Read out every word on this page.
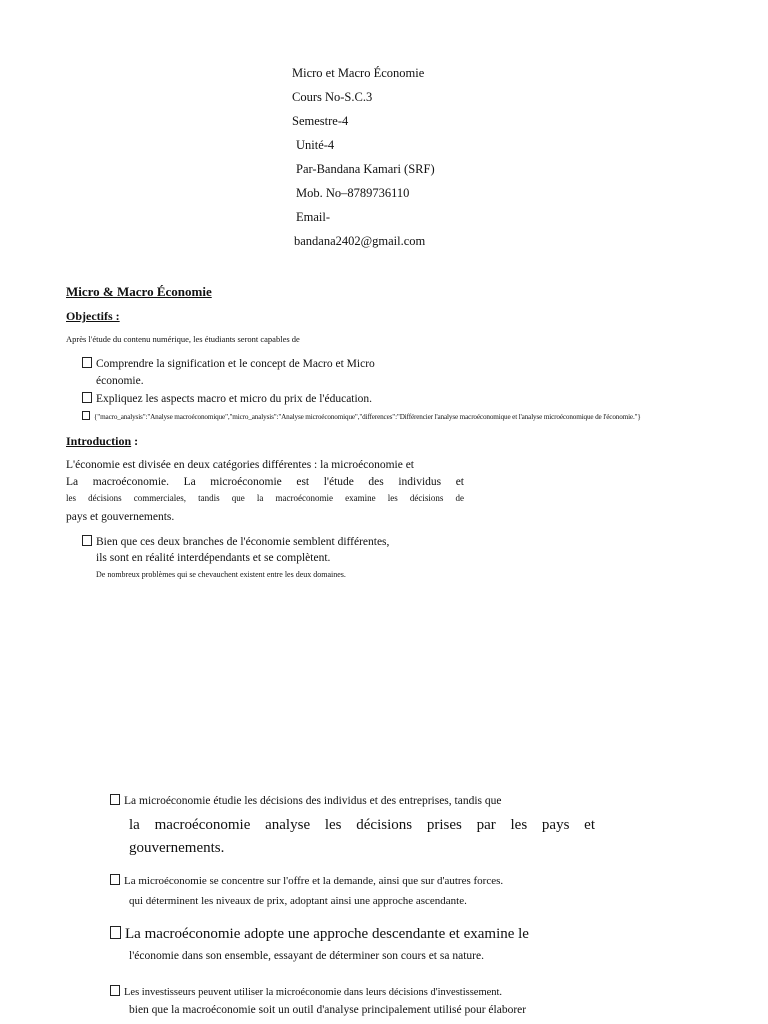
Micro et Macro Économie
Cours No-S.C.3
Semestre-4
Unité-4
Par-Bandana Kamari (SRF)
Mob. No–8789736110
Email-
bandana2402@gmail.com
Micro & Macro Économie
Objectifs :
Après l'étude du contenu numérique, les étudiants seront capables de
Comprendre la signification et le concept de Macro et Micro
économie.
Expliquez les aspects macro et micro du prix de l'éducation.
{"macro_analysis":"Analyse macroéconomique","micro_analysis":"Analyse microéconomique","differences":"Différencier l'analyse macroéconomique et l'analyse microéconomique de l'économie."}
Introduction :
L'économie est divisée en deux catégories différentes : la microéconomie et
La macroéconomie. La microéconomie est l'étude des individus et
les décisions commerciales, tandis que la macroéconomie examine les décisions de
pays et gouvernements.
Bien que ces deux branches de l'économie semblent différentes,
ils sont en réalité interdépendants et se complètent.
De nombreux problèmes qui se chevauchent existent entre les deux domaines.
La microéconomie étudie les décisions des individus et des entreprises, tandis que
la macroéconomie analyse les décisions prises par les pays et
gouvernements.
La microéconomie se concentre sur l'offre et la demande, ainsi que sur d'autres forces.
qui déterminent les niveaux de prix, adoptant ainsi une approche ascendante.
La macroéconomie adopte une approche descendante et examine le
l'économie dans son ensemble, essayant de déterminer son cours et sa nature.
Les investisseurs peuvent utiliser la microéconomie dans leurs décisions d'investissement.
bien que la macroéconomie soit un outil d'analyse principalement utilisé pour élaborer
